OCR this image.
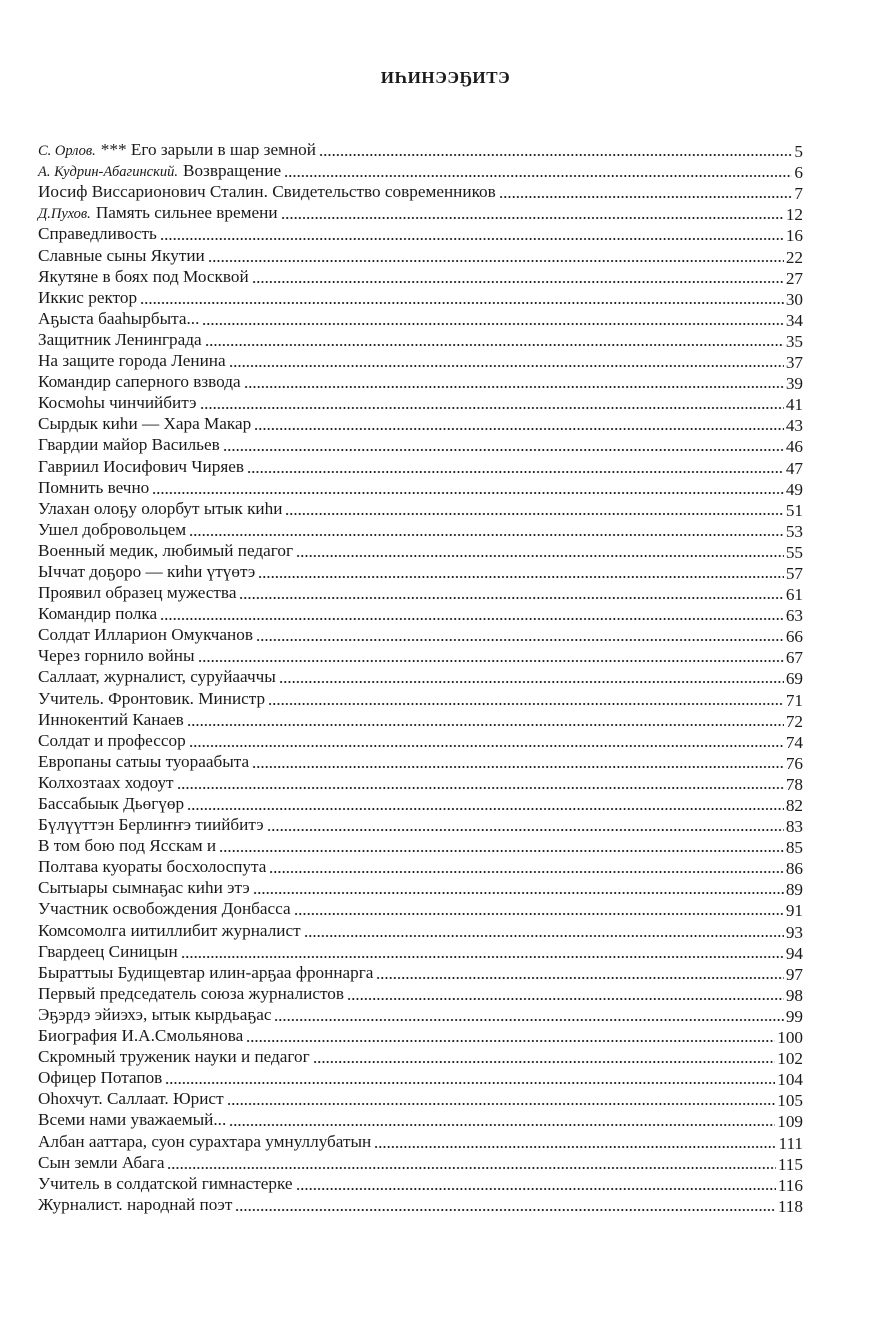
ИҺИНЭЭҔИТЭ
С. Орлов. *** Его зарыли в шар земной	5
А. Кудрин-Абагинский. Возвращение	6
Иосиф Виссарионович Сталин. Свидетельство современников	7
Д.Пухов. Память сильнее времени	12
Справедливость	16
Славные сыны Якутии	22
Якутяне в боях под Москвой	27
Иккис ректор	30
Аҕыста бааһырбыта...	34
Защитник Ленинграда	35
На защите города Ленина	37
Командир саперного взвода	39
Космоһы чинчийбитэ	41
Сырдык киһи — Хара Макар	43
Гвардии майор Васильев	46
Гавриил Иосифович Чиряев	47
Помнить вечно	49
Улахан олоҕу олорбут ытык киһи	51
Ушел добровольцем	53
Военный медик, любимый педагог	55
Ыччат доҕоро — киһи үтүөтэ	57
Проявил образец мужества	61
Командир полка	63
Солдат Илларион Омукчанов	66
Через горнило войны	67
Саллаат, журналист, суруйааччы	69
Учитель. Фронтовик. Министр	71
Иннокентий Канаев	72
Солдат и профессор	74
Европаны сатыы туораабыта	76
Колхозтаах ходоут	78
Бассабыык Дьөгүөр	82
Бүлүүттэн Берлиҥҥэ тиийбитэ	83
В том бою под Ясскам и	85
Полтава куораты босхолоспута	86
Сытыары сымнаҕас киһи этэ	89
Участник освобождения Донбасса	91
Комсомолга иитиллибит журналист	93
Гвардеец Синицын	94
Быраттыы Будищевтар илин-арҕаа фроннарга	97
Первый председатель союза журналистов	98
Эҕэрдэ эйиэхэ, ытык кырдьаҕас	99
Биография И.А.Смольянова	100
Скромный труженик науки и педагог	102
Офицер Потапов	104
Оһохчут. Саллаат. Юрист	105
Всеми нами уважаемый...	109
Албан ааттара, суон сурахтара умнуллубатын	111
Сын земли Абага	115
Учитель в солдатской гимнастерке	116
Журналист. народнай поэт	118
